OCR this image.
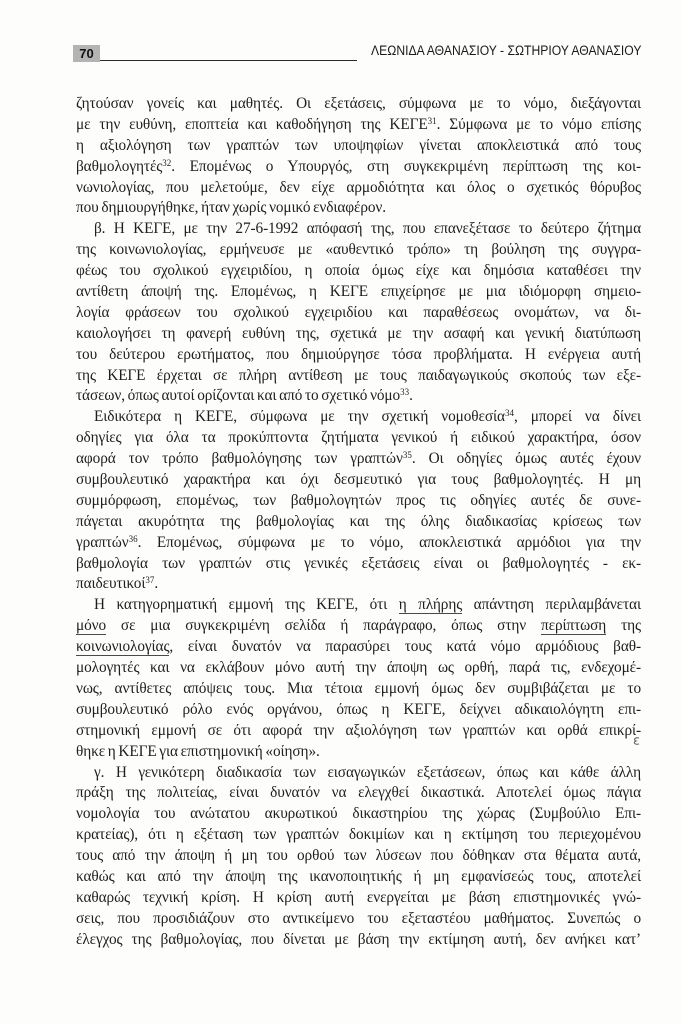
70	ΛΕΩΝΙΔΑ ΑΘΑΝΑΣΙΟΥ - ΣΩΤΗΡΙΟΥ ΑΘΑΝΑΣΙΟΥ
ζητούσαν γονείς και μαθητές. Οι εξετάσεις, σύμφωνα με το νόμο, διεξάγονται
με την ευθύνη, εποπτεία και καθοδήγηση της ΚΕΓΕ$^{31}$. Σύμφωνα με το νόμο επίσης
η αξιολόγηση των γραπτών των υποψηφίων γίνεται αποκλειστικά από τους
βαθμολογητές$^{32}$. Επομένως ο Υπουργός, στη συγκεκριμένη περίπτωση της κοι-
νωνιολογίας, που μελετούμε, δεν είχε αρμοδιότητα και όλος ο σχετικός θόρυβος
που δημιουργήθηκε, ήταν χωρίς νομικό ενδιαφέρον.
β. Η ΚΕΓΕ, με την 27-6-1992 απόφασή της, που επανεξέτασε το δεύτερο ζήτημα
της κοινωνιολογίας, ερμήνευσε με «αυθεντικό τρόπο» τη βούληση της συγγρα-
φέως του σχολικού εγχειριδίου, η οποία όμως είχε και δημόσια καταθέσει την
αντίθετη άποψή της. Επομένως, η ΚΕΓΕ επιχείρησε με μια ιδιόμορφη σημειο-
λογία φράσεων του σχολικού εγχειριδίου και παραθέσεως ονομάτων, να δι-
καιολογήσει τη φανερή ευθύνη της, σχετικά με την ασαφή και γενική διατύπωση
του δεύτερου ερωτήματος, που δημιούργησε τόσα προβλήματα. Η ενέργεια αυτή
της ΚΕΓΕ έρχεται σε πλήρη αντίθεση με τους παιδαγωγικούς σκοπούς των εξε-
τάσεων, όπως αυτοί ορίζονται και από το σχετικό νόμο$^{33}$.
Ειδικότερα η ΚΕΓΕ, σύμφωνα με την σχετική νομοθεσία$^{34}$, μπορεί να δίνει
οδηγίες για όλα τα προκύπτοντα ζητήματα γενικού ή ειδικού χαρακτήρα, όσον
αφορά τον τρόπο βαθμολόγησης των γραπτών$^{35}$. Οι οδηγίες όμως αυτές έχουν
συμβουλευτικό χαρακτήρα και όχι δεσμευτικό για τους βαθμολογητές. Η μη
συμμόρφωση, επομένως, των βαθμολογητών προς τις οδηγίες αυτές δε συνε-
πάγεται ακυρότητα της βαθμολογίας και της όλης διαδικασίας κρίσεως των
γραπτών$^{36}$. Επομένως, σύμφωνα με το νόμο, αποκλειστικά αρμόδιοι για την
βαθμολογία των γραπτών στις γενικές εξετάσεις είναι οι βαθμολογητές - εκ-
παιδευτικοί$^{37}$.
Η κατηγορηματική εμμονή της ΚΕΓΕ, ότι η πλήρης απάντηση περιλαμβάνεται
μόνο σε μια συγκεκριμένη σελίδα ή παράγραφο, όπως στην περίπτωση της
κοινωνιολογίας, είναι δυνατόν να παρασύρει τους κατά νόμο αρμόδιους βαθ-
μολογητές και να εκλάβουν μόνο αυτή την άποψη ως ορθή, παρά τις, ενδεχομέ-
νως, αντίθετες απόψεις τους. Μια τέτοια εμμονή όμως δεν συμβιβάζεται με το
συμβουλευτικό ρόλο ενός οργάνου, όπως η ΚΕΓΕ, δείχνει αδικαιολόγητη επι-
στημονική εμμονή σε ότι αφορά την αξιολόγηση των γραπτών και ορθά επικρί-
θηκε η ΚΕΓΕ για επιστημονική «οίηση».
γ. Η γενικότερη διαδικασία των εισαγωγικών εξετάσεων, όπως και κάθε άλλη
πράξη της πολιτείας, είναι δυνατόν να ελεγχθεί δικαστικά. Αποτελεί όμως πάγια
νομολογία του ανώτατου ακυρωτικού δικαστηρίου της χώρας (Συμβούλιο Επι-
κρατείας), ότι η εξέταση των γραπτών δοκιμίων και η εκτίμηση του περιεχομένου
τους από την άποψη ή μη του ορθού των λύσεων που δόθηκαν στα θέματα αυτά,
καθώς και από την άποψη της ικανοποιητικής ή μη εμφανίσεώς τους, αποτελεί
καθαρώς τεχνική κρίση. Η κρίση αυτή ενεργείται με βάση επιστημονικές γνώ-
σεις, που προσιδιάζουν στο αντικείμενο του εξεταστέου μαθήματος. Συνεπώς ο
έλεγχος της βαθμολογίας, που δίνεται με βάση την εκτίμηση αυτή, δεν ανήκει κατ’
